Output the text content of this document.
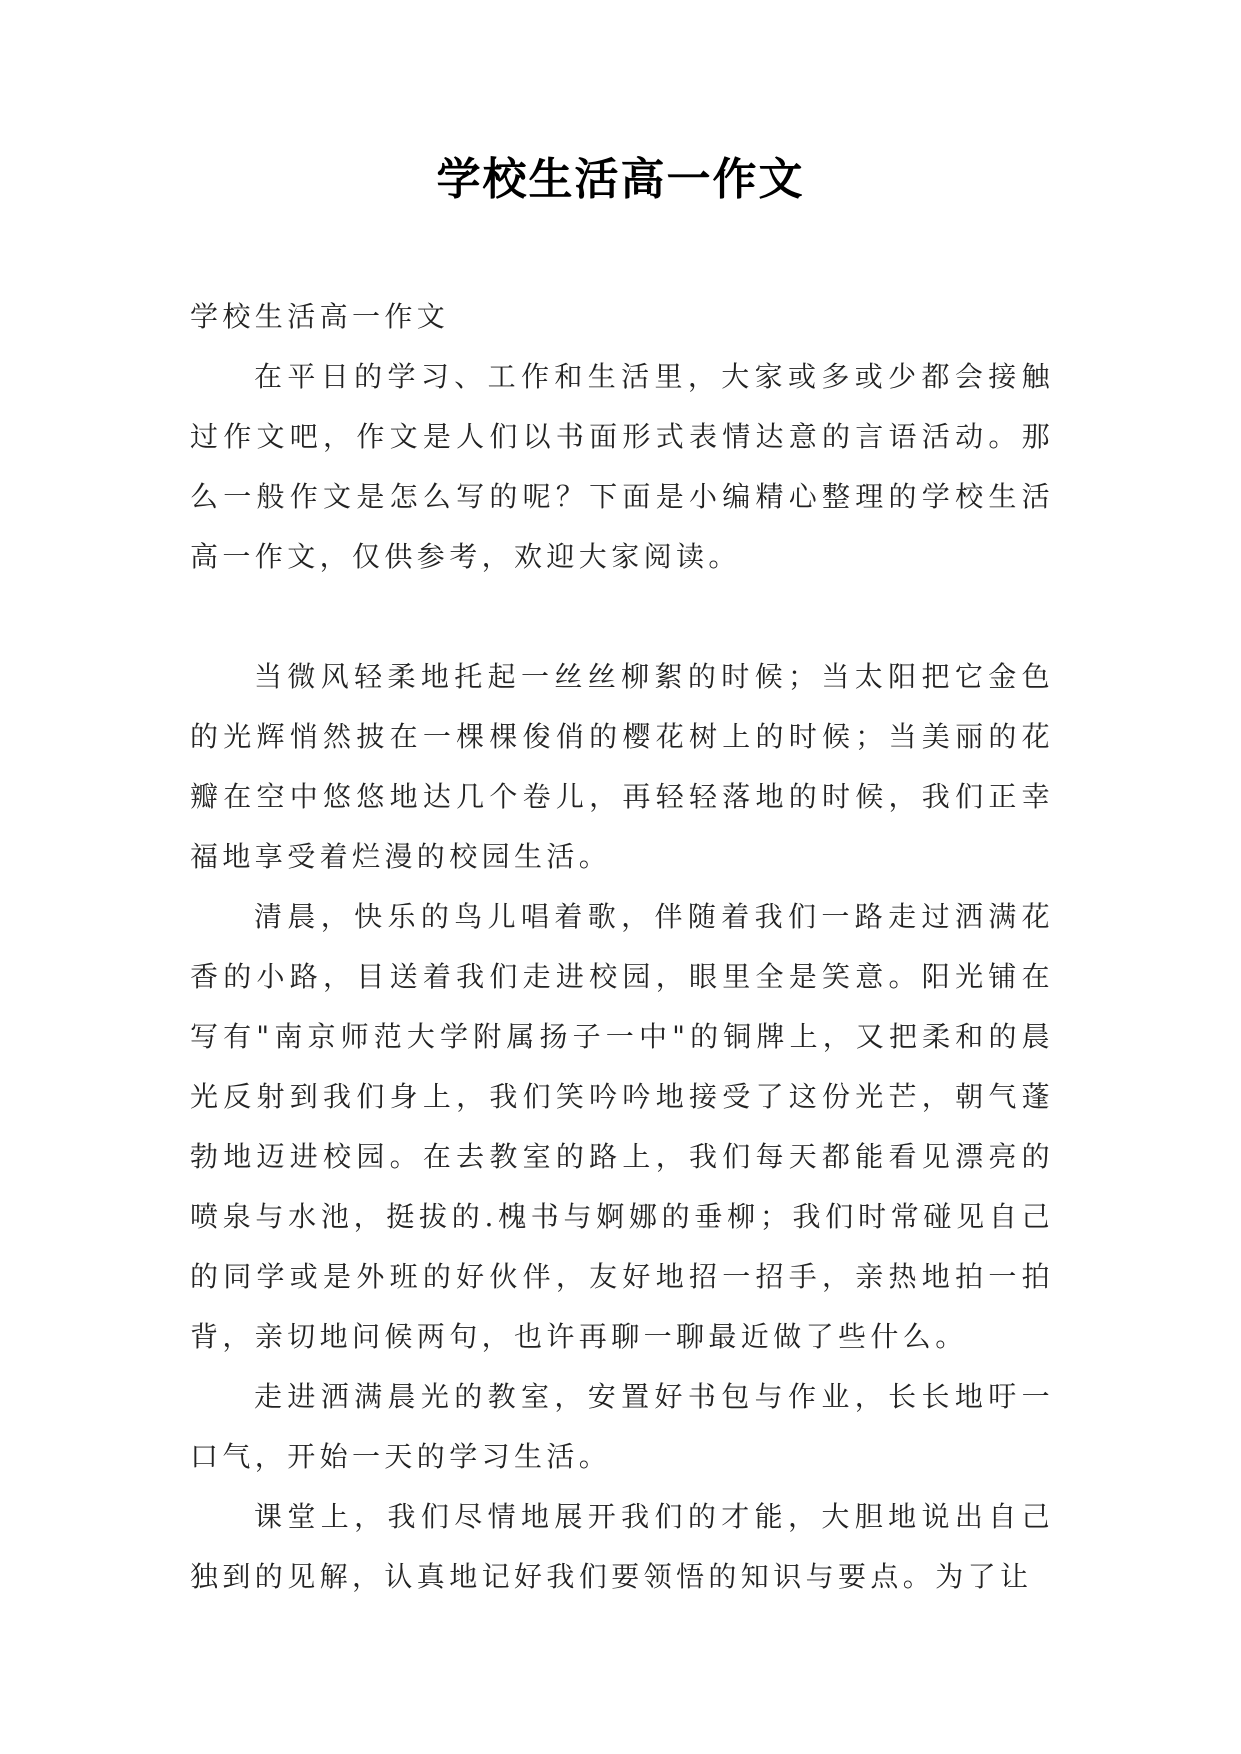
学校生活高一作文

学校生活高一作文

在平日的学习、工作和生活里，大家或多或少都会接触过作文吧，作文是人们以书面形式表情达意的言语活动。那么一般作文是怎么写的呢？下面是小编精心整理的学校生活高一作文，仅供参考，欢迎大家阅读。

当微风轻柔地托起一丝丝柳絮的时候；当太阳把它金色的光辉悄然披在一棵棵俊俏的樱花树上的时候；当美丽的花瓣在空中悠悠地达几个卷儿，再轻轻落地的时候，我们正幸福地享受着烂漫的校园生活。

清晨，快乐的鸟儿唱着歌，伴随着我们一路走过洒满花香的小路，目送着我们走进校园，眼里全是笑意。阳光铺在写有"南京师范大学附属扬子一中"的铜牌上，又把柔和的晨光反射到我们身上，我们笑吟吟地接受了这份光芒，朝气蓬勃地迈进校园。在去教室的路上，我们每天都能看见漂亮的喷泉与水池，挺拔的.槐书与婀娜的垂柳；我们时常碰见自己的同学或是外班的好伙伴，友好地招一招手，亲热地拍一拍背，亲切地问候两句，也许再聊一聊最近做了些什么。

走进洒满晨光的教室，安置好书包与作业，长长地吁一口气，开始一天的学习生活。

课堂上，我们尽情地展开我们的才能，大胆地说出自己独到的见解，认真地记好我们要领悟的知识与要点。为了让
